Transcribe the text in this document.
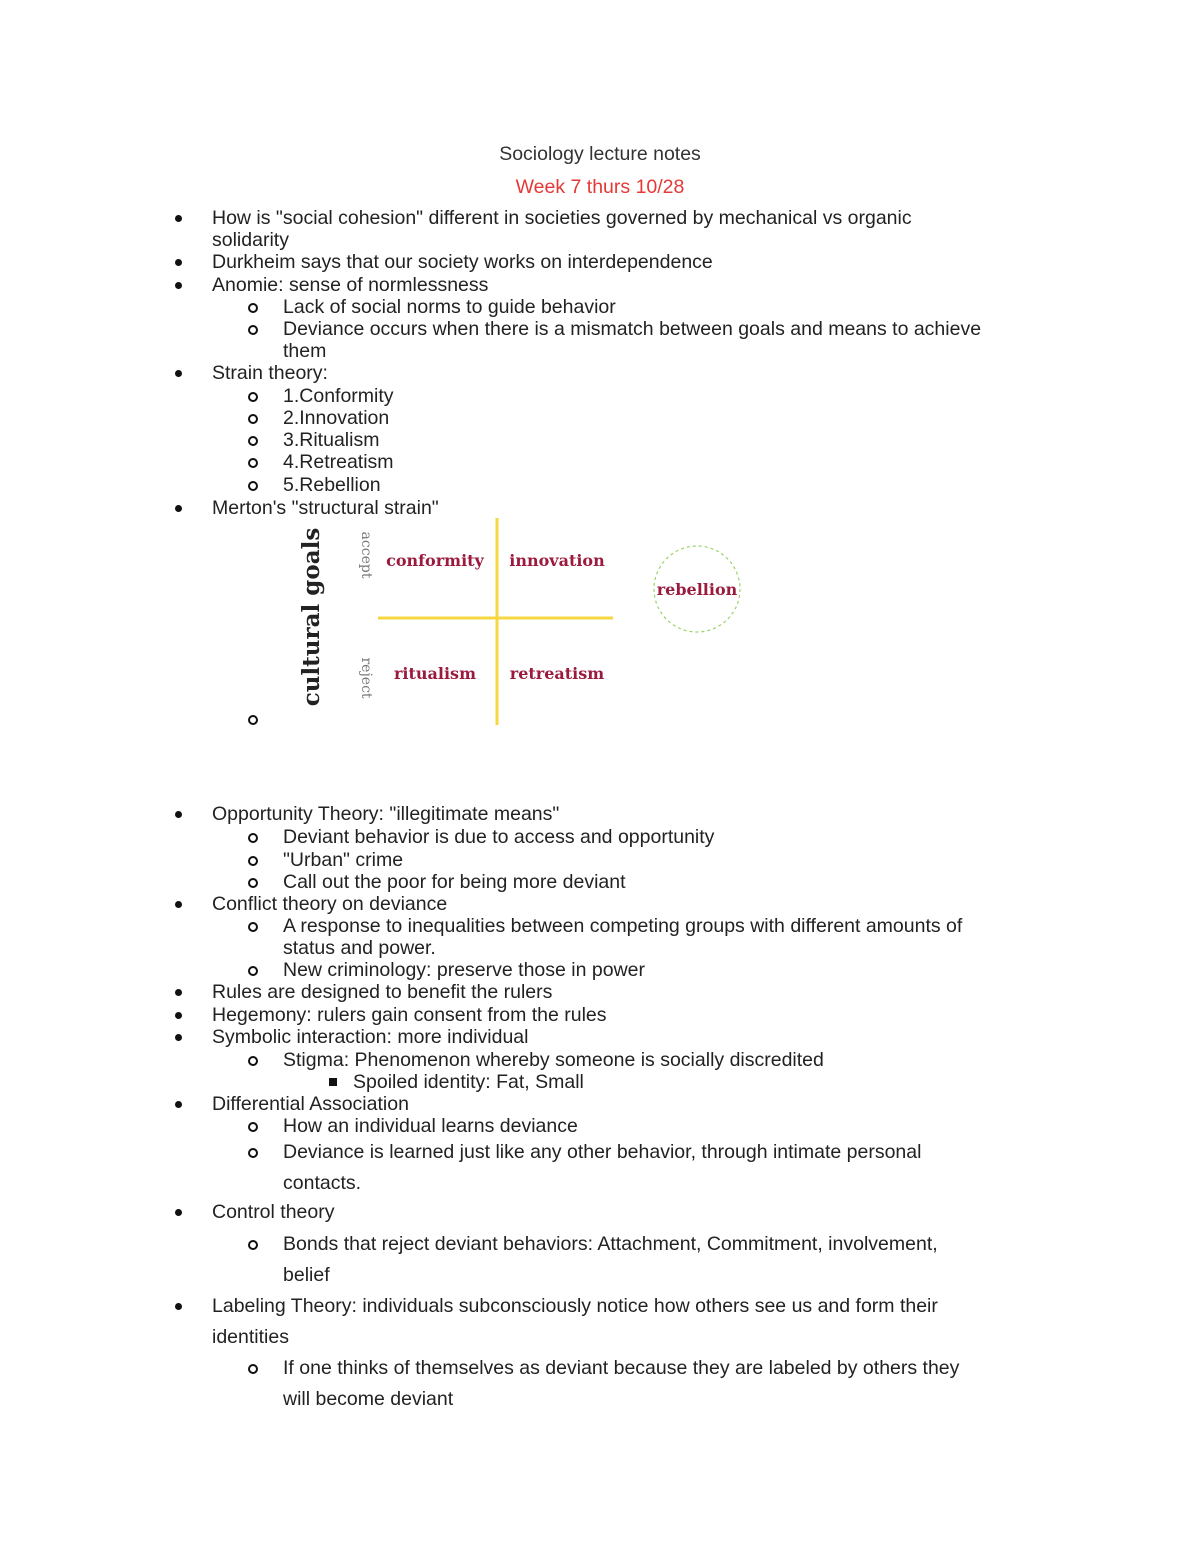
Sociology lecture notes
Week 7 thurs 10/28
How is "social cohesion" different in societies governed by mechanical vs organic
solidarity
Durkheim says that our society works on interdependence
Anomie: sense of normlessness
Lack of social norms to guide behavior
Deviance occurs when there is a mismatch between goals and means to achieve
them
Strain theory:
1.Conformity
2.Innovation
3.Ritualism
4.Retreatism
5.Rebellion
Merton's "structural strain"
Opportunity Theory: "illegitimate means"
Deviant behavior is due to access and opportunity
"Urban" crime
Call out the poor for being more deviant
Conflict theory on deviance
A response to inequalities between competing groups with different amounts of
status and power.
New criminology: preserve those in power
Rules are designed to benefit the rulers
Hegemony: rulers gain consent from the rules
Symbolic interaction: more individual
Stigma: Phenomenon whereby someone is socially discredited
Spoiled identity: Fat, Small
Differential Association
How an individual learns deviance
Deviance is learned just like any other behavior, through intimate personal
contacts.
Control theory
Bonds that reject deviant behaviors: Attachment, Commitment, involvement,
belief
Labeling Theory: individuals subconsciously notice how others see us and form their
identities
If one thinks of themselves as deviant because they are labeled by others they
will become deviant
cultural goals accept
reject
conformity innovation
ritualism retreatism
rebellion
